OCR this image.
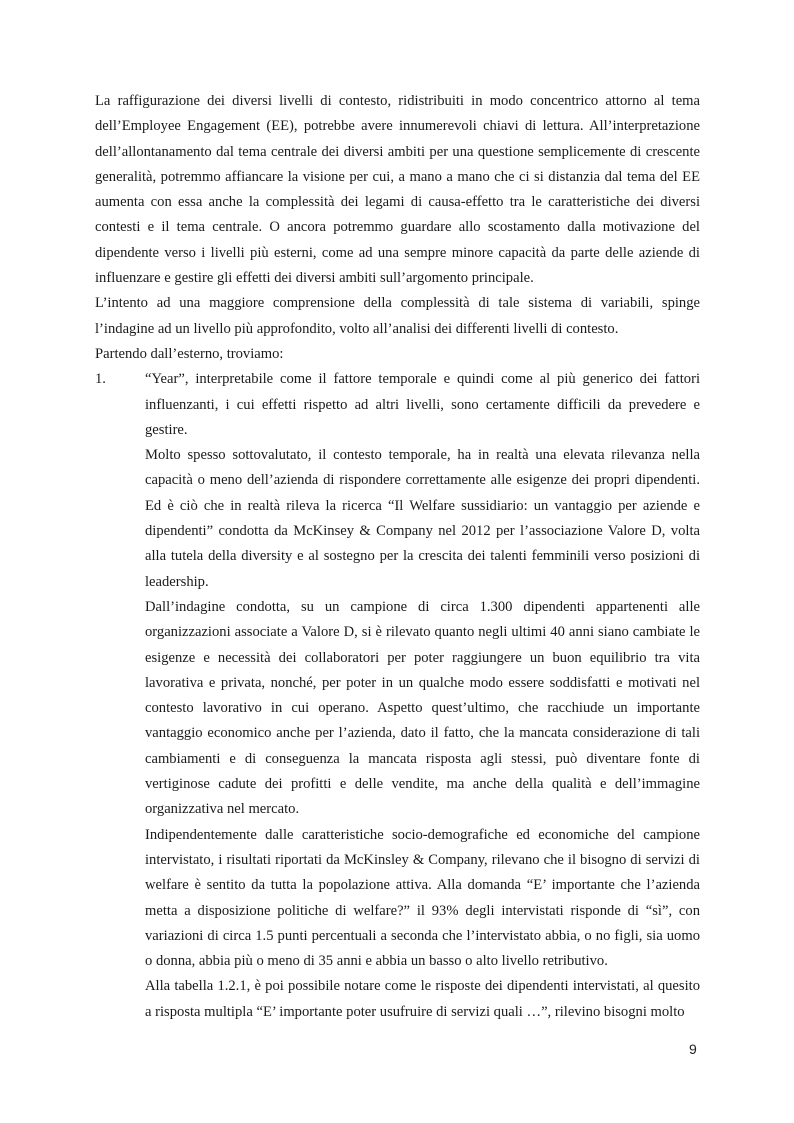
La raffigurazione dei diversi livelli di contesto, ridistribuiti in modo concentrico attorno al tema dell’Employee Engagement (EE), potrebbe avere innumerevoli chiavi di lettura. All’interpretazione dell’allontanamento dal tema centrale dei diversi ambiti per una questione semplicemente di crescente generalità, potremmo affiancare la visione per cui, a mano a mano che ci si distanzia dal tema del EE aumenta con essa anche la complessità dei legami di causa-effetto tra le caratteristiche dei diversi contesti e il tema centrale. O ancora potremmo guardare allo scostamento dalla motivazione del dipendente verso i livelli più esterni, come ad una sempre minore capacità da parte delle aziende di influenzare e gestire gli effetti dei diversi ambiti sull’argomento principale.

L’intento ad una maggiore comprensione della complessità di tale sistema di variabili, spinge l’indagine ad un livello più approfondito, volto all’analisi dei differenti livelli di contesto.

Partendo dall’esterno, troviamo:

1.	“Year”, interpretabile come il fattore temporale e quindi come al più generico dei fattori influenzanti, i cui effetti rispetto ad altri livelli, sono certamente difficili da prevedere e gestire.

Molto spesso sottovalutato, il contesto temporale, ha in realtà una elevata rilevanza nella capacità o meno dell’azienda di rispondere correttamente alle esigenze dei propri dipendenti. Ed è ciò che in realtà rileva la ricerca “Il Welfare sussidiario: un vantaggio per aziende e dipendenti” condotta da McKinsey & Company nel 2012 per l’associazione Valore D, volta alla tutela della diversity e al sostegno per la crescita dei talenti femminili verso posizioni di leadership.

Dall’indagine condotta, su un campione di circa 1.300 dipendenti appartenenti alle organizzazioni associate a Valore D, si è rilevato quanto negli ultimi 40 anni siano cambiate le esigenze e necessità dei collaboratori per poter raggiungere un buon equilibrio tra vita lavorativa e privata, nonché, per poter in un qualche modo essere soddisfatti e motivati nel contesto lavorativo in cui operano. Aspetto quest’ultimo, che racchiude un importante vantaggio economico anche per l’azienda, dato il fatto, che la mancata considerazione di tali cambiamenti e di conseguenza la mancata risposta agli stessi, può diventare fonte di vertiginose cadute dei profitti e delle vendite, ma anche della qualità e dell’immagine organizzativa nel mercato.

Indipendentemente dalle caratteristiche socio-demografiche ed economiche del campione intervistato, i risultati riportati da McKinsley & Company, rilevano che il bisogno di servizi di welfare è sentito da tutta la popolazione attiva. Alla domanda “E’ importante che l’azienda metta a disposizione politiche di welfare?” il 93% degli intervistati risponde di “sì”, con variazioni di circa 1.5 punti percentuali a seconda che l’intervistato abbia, o no figli, sia uomo o donna, abbia più o meno di 35 anni e abbia un basso o alto livello retributivo.

Alla tabella 1.2.1, è poi possibile notare come le risposte dei dipendenti intervistati, al quesito a risposta multipla “E’ importante poter usufruire di servizi quali …”, rilevino bisogni molto

9
